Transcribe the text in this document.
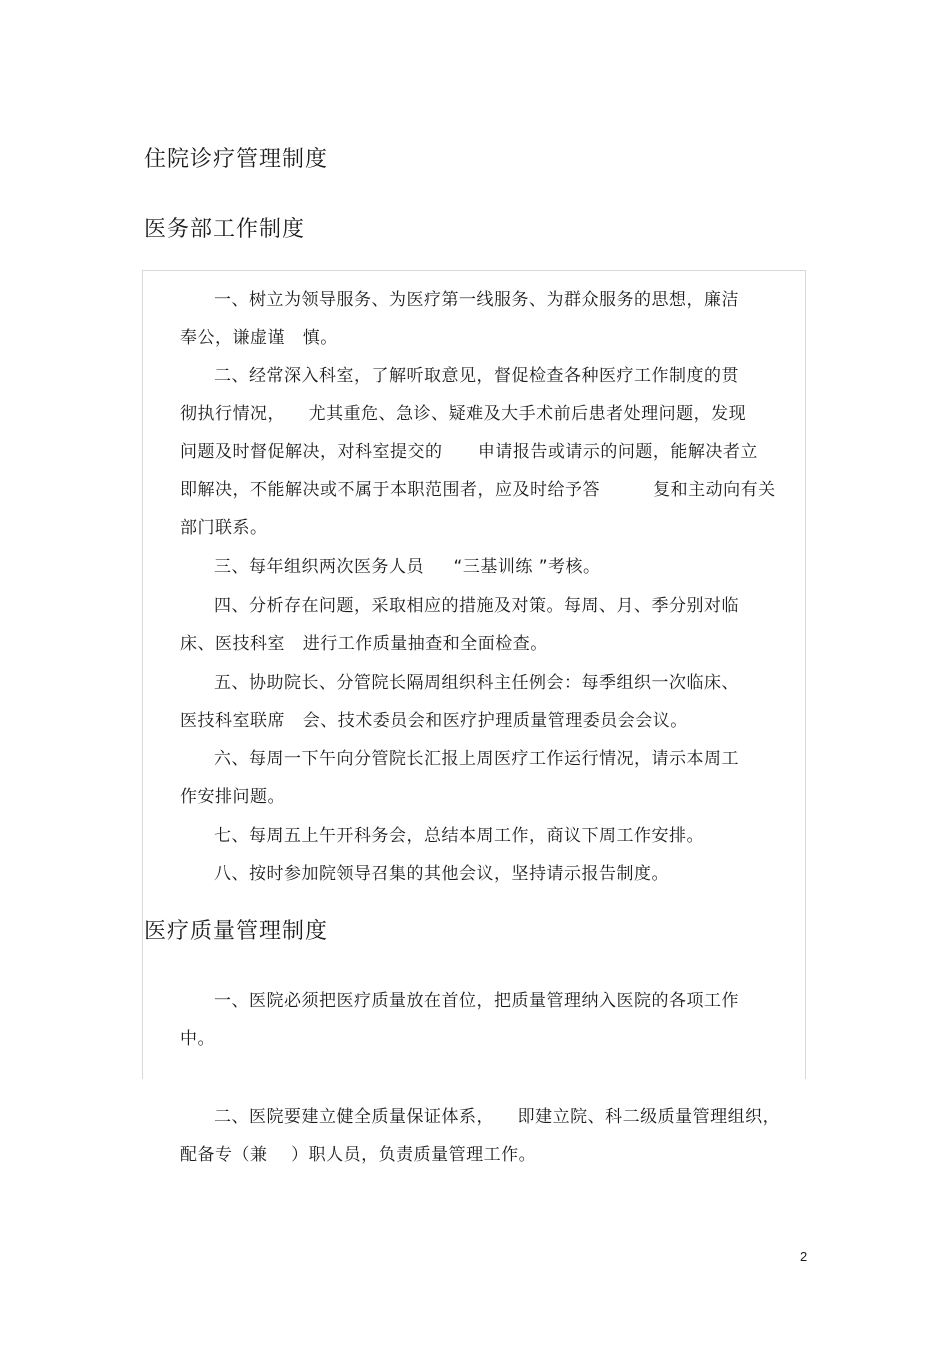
住院诊疗管理制度
医务部工作制度
一、树立为领导服务、为医疗第一线服务、为群众服务的思想，廉洁
奉公，谦虚谨   慎。
二、经常深入科室，了解听取意见，督促检查各种医疗工作制度的贯
彻执行情况，    尤其重危、急诊、疑难及大手术前后患者处理问题，发现
问题及时督促解决，对科室提交的      申请报告或请示的问题，能解决者立
即解决，不能解决或不属于本职范围者，应及时给予答         复和主动向有关
部门联系。
三、每年组织两次医务人员     “三基训练 ”考核。
四、分析存在问题，采取相应的措施及对策。每周、月、季分别对临
床、医技科室   进行工作质量抽查和全面检查。
五、协助院长、分管院长隔周组织科主任例会：每季组织一次临床、
医技科室联席   会、技术委员会和医疗护理质量管理委员会会议。
六、每周一下午向分管院长汇报上周医疗工作运行情况，请示本周工
作安排问题。
七、每周五上午开科务会，总结本周工作，商议下周工作安排。
八、按时参加院领导召集的其他会议，坚持请示报告制度。
医疗质量管理制度
一、医院必须把医疗质量放在首位，把质量管理纳入医院的各项工作
中。
二、医院要建立健全质量保证体系，    即建立院、科二级质量管理组织，
配备专（兼    ）职人员，负责质量管理工作。
2
